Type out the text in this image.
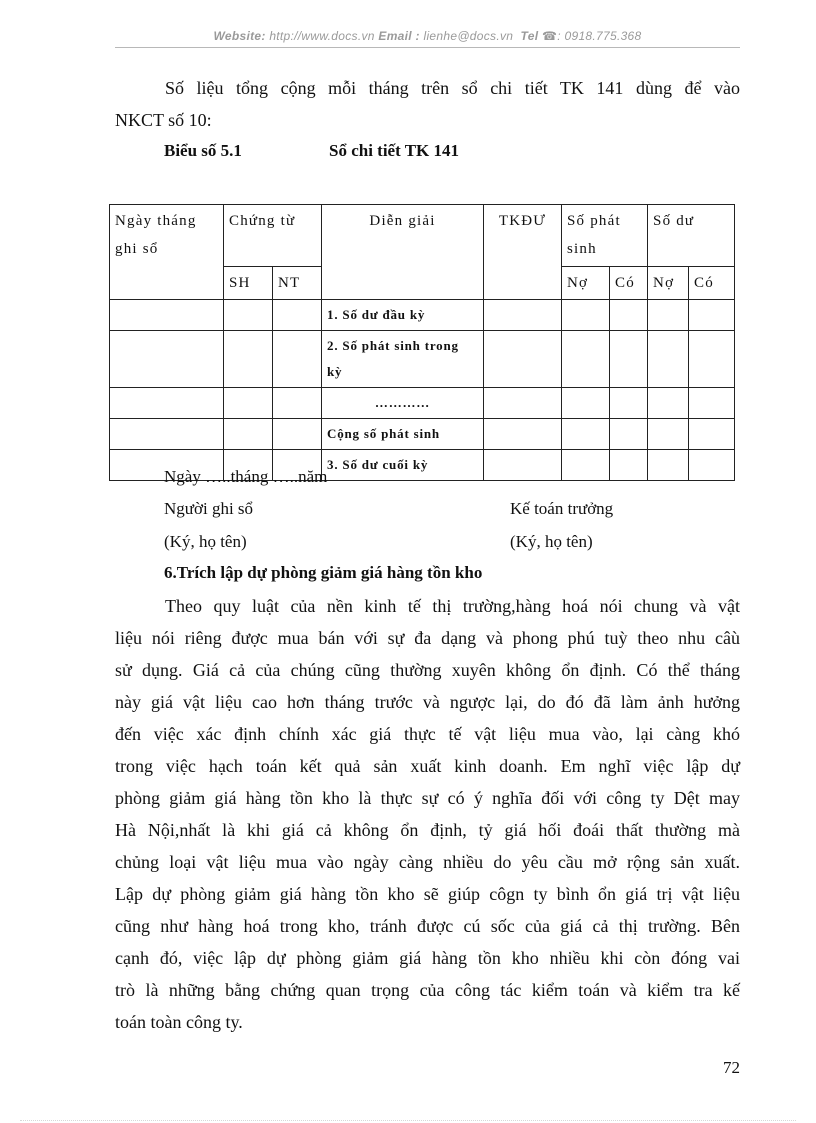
Website: http://www.docs.vn Email : lienhe@docs.vn Tel ☎: 0918.775.368

Số liệu tổng cộng mỗi tháng trên sổ chi tiết TK 141 dùng để vào
NKCT số 10:

Biểu số 5.1	Sổ chi tiết TK 141
Ngày tháng ghi sổ	Chứng từ		Diễn giải	TKĐƯ	Số phát sinh		Số dư	
	SH	NT			Nợ	Có	Nợ	Có
			1. Số dư đầu kỳ					
			2. Số phát sinh trong kỳ					
			…………					
			Cộng số phát sinh					
			3. Số dư cuối kỳ					
Ngày …..tháng …..năm
Người ghi sổ	Kế toán trưởng
(Ký, họ tên)	(Ký, họ tên)
6.Trích lập dự phòng giảm giá hàng tồn kho

Theo quy luật của nền kinh tế thị trường,hàng hoá nói chung và vật
liệu nói riêng được mua bán với sự đa dạng và phong phú tuỳ theo nhu câù
sử dụng. Giá cả của chúng cũng thường xuyên không ổn định. Có thể tháng
này giá vật liệu cao hơn tháng trước và ngược lại, do đó đã làm ảnh hưởng
đến việc xác định chính xác giá thực tế vật liệu mua vào, lại càng khó
trong việc hạch toán kết quả sản xuất kinh doanh. Em nghĩ việc lập dự
phòng giảm giá hàng tồn kho là thực sự có ý nghĩa đối với công ty Dệt may
Hà Nội,nhất là khi giá cả không ổn định, tỷ giá hối đoái thất thường mà
chủng loại vật liệu mua vào ngày càng nhiều do yêu cầu mở rộng sản xuất.
Lập dự phòng giảm giá hàng tồn kho sẽ giúp côgn ty bình ổn giá trị vật liệu
cũng như hàng hoá trong kho, tránh được cú sốc của giá cả thị trường. Bên
cạnh đó, việc lập dự phòng giảm giá hàng tồn kho nhiều khi còn đóng vai
trò là những bằng chứng quan trọng của công tác kiểm toán và kiểm tra kế
toán toàn công ty.

72
